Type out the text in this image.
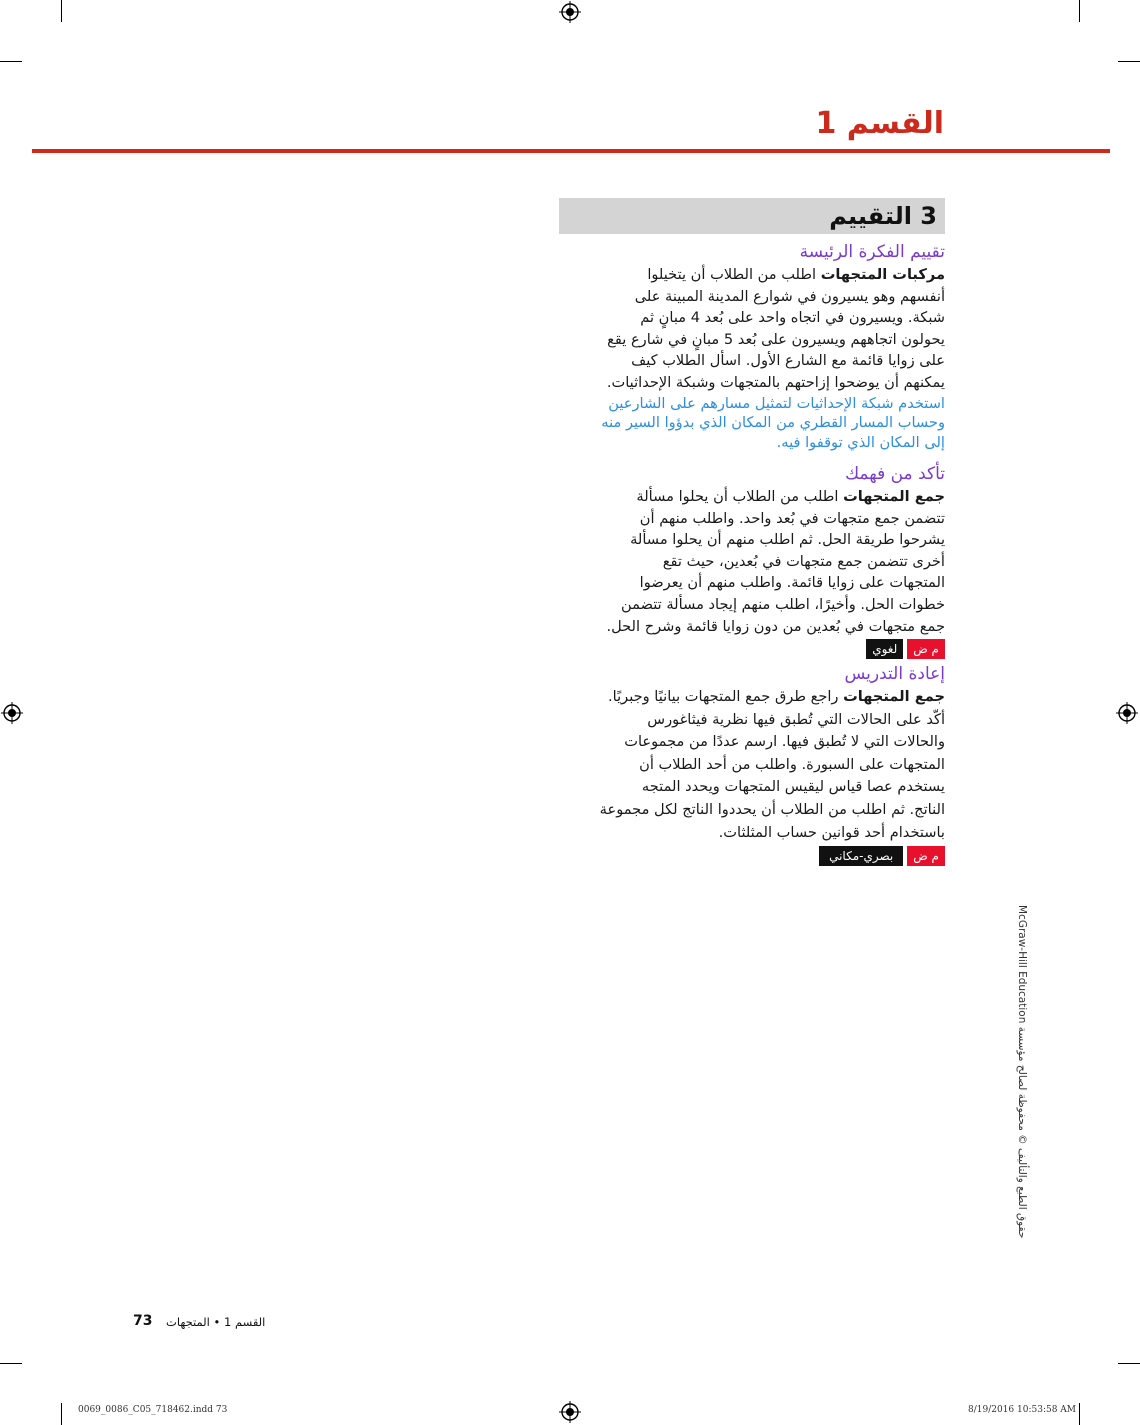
القسم 1
3 التقييم

تقييم الفكرة الرئيسة

مركبات المتجهات اطلب من الطلاب أن يتخيلوا

أنفسهم وهو يسيرون في شوارع المدينة المبينة على

شبكة. ويسيرون في اتجاه واحد على بُعد 4 مبانٍ ثم

يحولون اتجاههم ويسيرون على بُعد 5 مبانٍ في شارع يقع

على زوايا قائمة مع الشارع الأول. اسأل الطلاب كيف

يمكنهم أن يوضحوا إزاحتهم بالمتجهات وشبكة الإحداثيات.

استخدم شبكة الإحداثيات لتمثيل مسارهم على الشارعين

وحساب المسار القطري من المكان الذي بدؤوا السير منه

إلى المكان الذي توقفوا فيه.

تأكد من فهمك

جمع المتجهات اطلب من الطلاب أن يحلوا مسألة

تتضمن جمع متجهات في بُعد واحد. واطلب منهم أن

يشرحوا طريقة الحل. ثم اطلب منهم أن يحلوا مسألة

أخرى تتضمن جمع متجهات في بُعدين، حيث تقع

المتجهات على زوايا قائمة. واطلب منهم أن يعرضوا

خطوات الحل. وأخيرًا، اطلب منهم إيجاد مسألة تتضمن

جمع متجهات في بُعدين من دون زوايا قائمة وشرح الحل.

م ض
لغوي

إعادة التدريس

جمع المتجهات راجع طرق جمع المتجهات بيانيًا وجبريًا.

أكّد على الحالات التي تُطبق فيها نظرية فيثاغورس

والحالات التي لا تُطبق فيها. ارسم عددًا من مجموعات

المتجهات على السبورة. واطلب من أحد الطلاب أن

يستخدم عصا قياس ليقيس المتجهات ويحدد المتجه

الناتج. ثم اطلب من الطلاب أن يحددوا الناتج لكل مجموعة

باستخدام أحد قوانين حساب المثلثات.

م ض
بصري-مكاني
حقوق الطبع والتأليف © محفوظة لصالح مؤسسة McGraw-Hill Education
73 القسم 1 • المتجهات
0069_0086_C05_718462.indd 73	8/19/2016 10:53:58 AM
